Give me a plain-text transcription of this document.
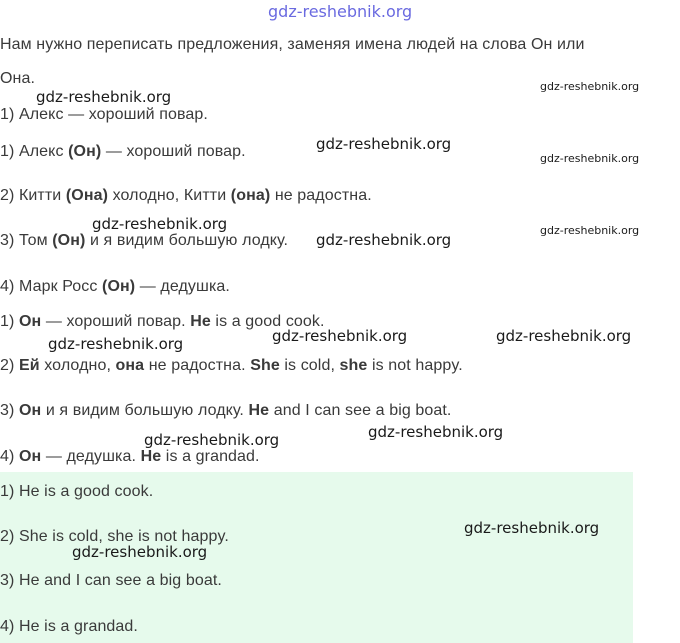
gdz-reshebnik.org
Нам нужно переписать предложения, заменяя имена людей на слова Он или
Она.
1) Алекс — хороший повар.
1) Алекс (Он) — хороший повар.
2) Китти (Она) холодно, Китти (она) не радостна.
3) Том (Он) и я видим большую лодку.
4) Марк Росс (Он) — дедушка.
1) Он — хороший повар. He is a good cook.
2) Ей холодно, она не радостна. She is cold, she is not happy.
3) Он и я видим большую лодку. He and I can see a big boat.
4) Он — дедушка. He is a grandad.
1) He is a good cook.
2) She is cold, she is not happy.
3) He and I can see a big boat.
4) He is a grandad.
gdz-reshebnik.org
gdz-reshebnik.org
gdz-reshebnik.org
gdz-reshebnik.org
gdz-reshebnik.org	gdz-reshebnik.org
gdz-reshebnik.org
gdz-reshebnik.org	gdz-reshebnik.org
gdz-reshebnik.org
gdz-reshebnik.org
gdz-reshebnik.org
gdz-reshebnik.org
gdz-reshebnik.org
